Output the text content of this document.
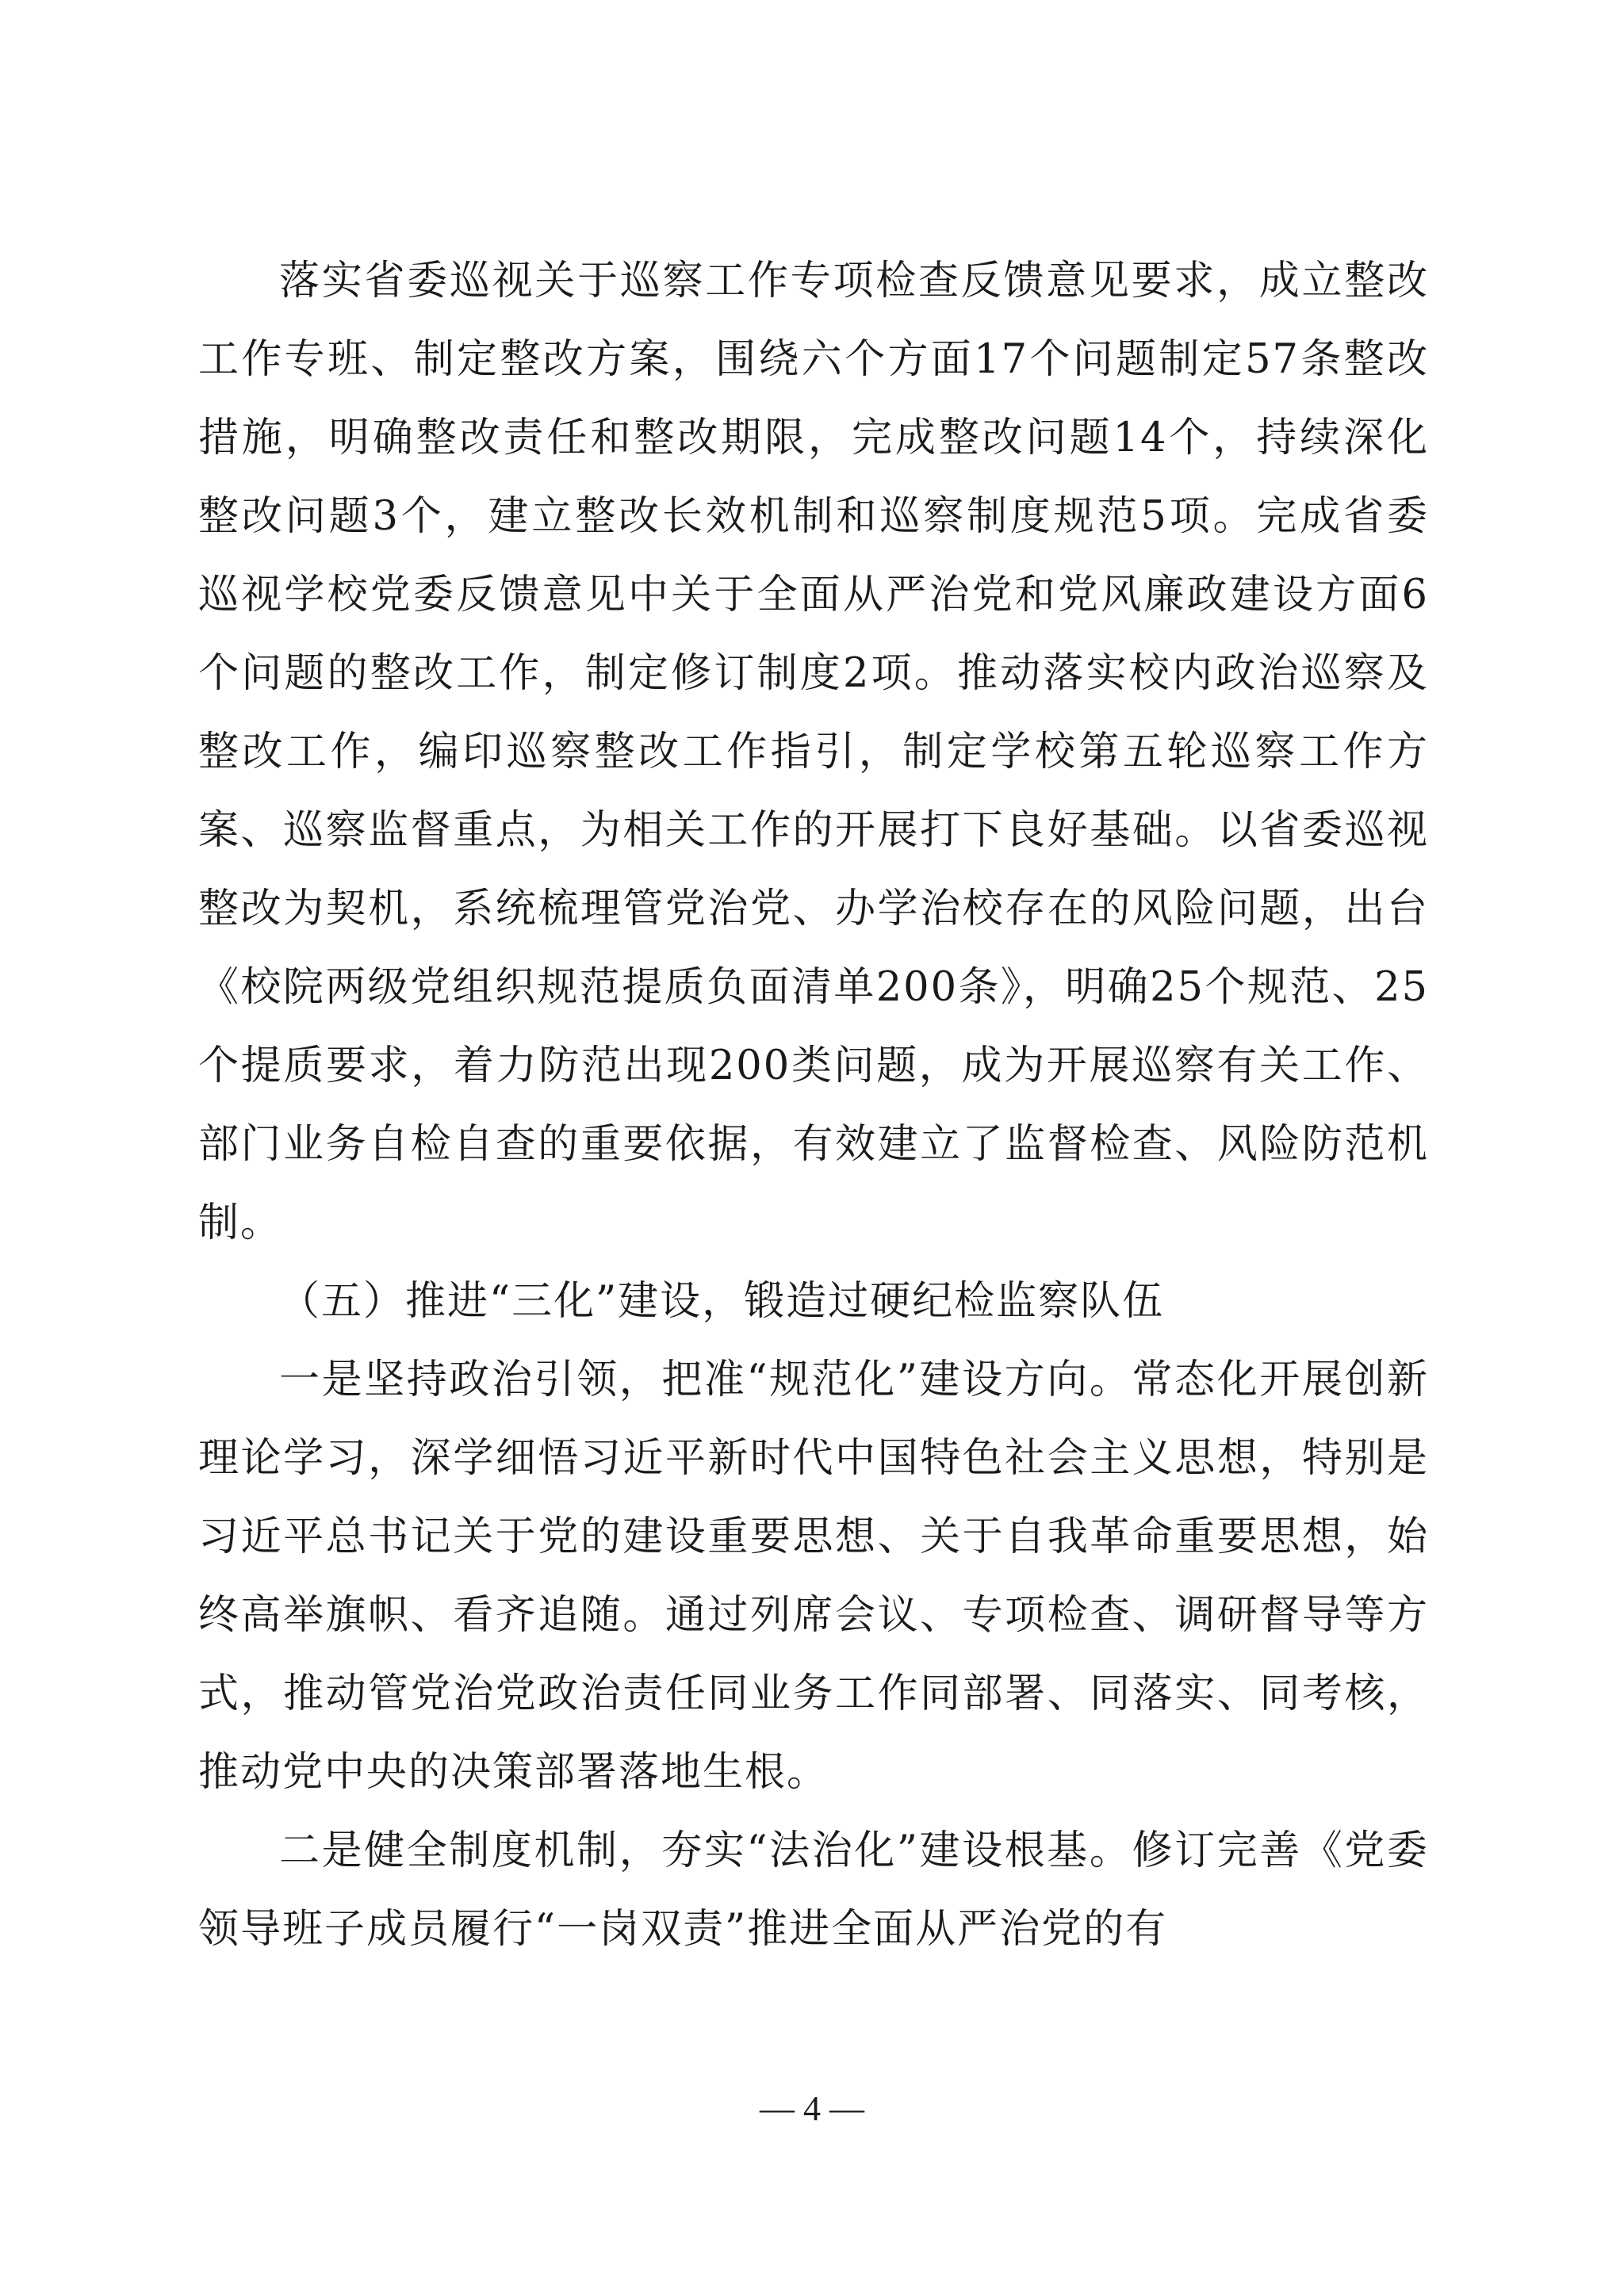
落实省委巡视关于巡察工作专项检查反馈意见要求，成立整改工作专班、制定整改方案，围绕六个方面17个问题制定57条整改措施，明确整改责任和整改期限，完成整改问题14个，持续深化整改问题3个，建立整改长效机制和巡察制度规范5项。完成省委巡视学校党委反馈意见中关于全面从严治党和党风廉政建设方面6个问题的整改工作，制定修订制度2项。推动落实校内政治巡察及整改工作，编印巡察整改工作指引，制定学校第五轮巡察工作方案、巡察监督重点，为相关工作的开展打下良好基础。以省委巡视整改为契机，系统梳理管党治党、办学治校存在的风险问题，出台《校院两级党组织规范提质负面清单200条》，明确25个规范、25个提质要求，着力防范出现200类问题，成为开展巡察有关工作、部门业务自检自查的重要依据，有效建立了监督检查、风险防范机制。

（五）推进“三化”建设，锻造过硬纪检监察队伍

一是坚持政治引领，把准“规范化”建设方向。常态化开展创新理论学习，深学细悟习近平新时代中国特色社会主义思想，特别是习近平总书记关于党的建设重要思想、关于自我革命重要思想，始终高举旗帜、看齐追随。通过列席会议、专项检查、调研督导等方式，推动管党治党政治责任同业务工作同部署、同落实、同考核，推动党中央的决策部署落地生根。

二是健全制度机制，夯实“法治化”建设根基。修订完善《党委领导班子成员履行“一岗双责”推进全面从严治党的有

— 4 —
